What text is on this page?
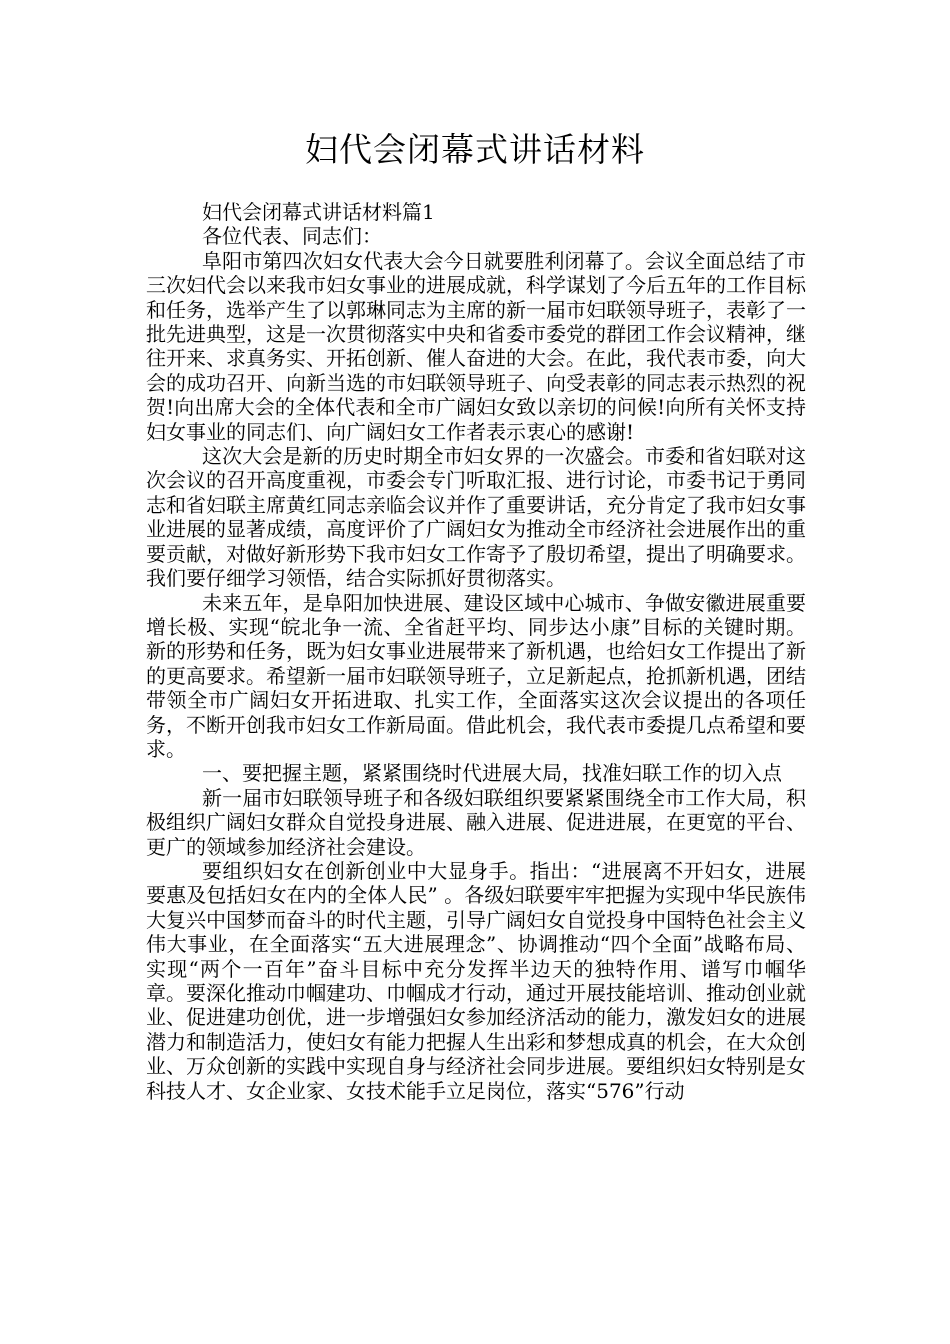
妇代会闭幕式讲话材料

妇代会闭幕式讲话材料篇1

各位代表、同志们：

阜阳市第四次妇女代表大会今日就要胜利闭幕了。会议全面总结了市三次妇代会以来我市妇女事业的进展成就，科学谋划了今后五年的工作目标和任务，选举产生了以郭琳同志为主席的新一届市妇联领导班子，表彰了一批先进典型，这是一次贯彻落实中央和省委市委党的群团工作会议精神，继往开来、求真务实、开拓创新、催人奋进的大会。在此，我代表市委，向大会的成功召开、向新当选的市妇联领导班子、向受表彰的同志表示热烈的祝贺!向出席大会的全体代表和全市广阔妇女致以亲切的问候!向所有关怀支持妇女事业的同志们、向广阔妇女工作者表示衷心的感谢!

这次大会是新的历史时期全市妇女界的一次盛会。市委和省妇联对这次会议的召开高度重视，市委会专门听取汇报、进行讨论，市委书记于勇同志和省妇联主席黄红同志亲临会议并作了重要讲话，充分肯定了我市妇女事业进展的显著成绩，高度评价了广阔妇女为推动全市经济社会进展作出的重要贡献，对做好新形势下我市妇女工作寄予了殷切希望，提出了明确要求。我们要仔细学习领悟，结合实际抓好贯彻落实。

未来五年，是阜阳加快进展、建设区域中心城市、争做安徽进展重要增长极、实现“皖北争一流、全省赶平均、同步达小康”目标的关键时期。新的形势和任务，既为妇女事业进展带来了新机遇，也给妇女工作提出了新的更高要求。希望新一届市妇联领导班子，立足新起点，抢抓新机遇，团结带领全市广阔妇女开拓进取、扎实工作，全面落实这次会议提出的各项任务，不断开创我市妇女工作新局面。借此机会，我代表市委提几点希望和要求。

一、要把握主题，紧紧围绕时代进展大局，找准妇联工作的切入点

新一届市妇联领导班子和各级妇联组织要紧紧围绕全市工作大局，积极组织广阔妇女群众自觉投身进展、融入进展、促进进展，在更宽的平台、更广的领域参加经济社会建设。

要组织妇女在创新创业中大显身手。指出：“进展离不开妇女，进展要惠及包括妇女在内的全体人民” 。各级妇联要牢牢把握为实现中华民族伟大复兴中国梦而奋斗的时代主题，引导广阔妇女自觉投身中国特色社会主义伟大事业，在全面落实“五大进展理念”、协调推动“四个全面”战略布局、实现“两个一百年”奋斗目标中充分发挥半边天的独特作用、谱写巾帼华章。要深化推动巾帼建功、巾帼成才行动，通过开展技能培训、推动创业就业、促进建功创优，进一步增强妇女参加经济活动的能力，激发妇女的进展潜力和制造活力，使妇女有能力把握人生出彩和梦想成真的机会，在大众创业、万众创新的实践中实现自身与经济社会同步进展。要组织妇女特别是女科技人才、女企业家、女技术能手立足岗位，落实“576”行动
